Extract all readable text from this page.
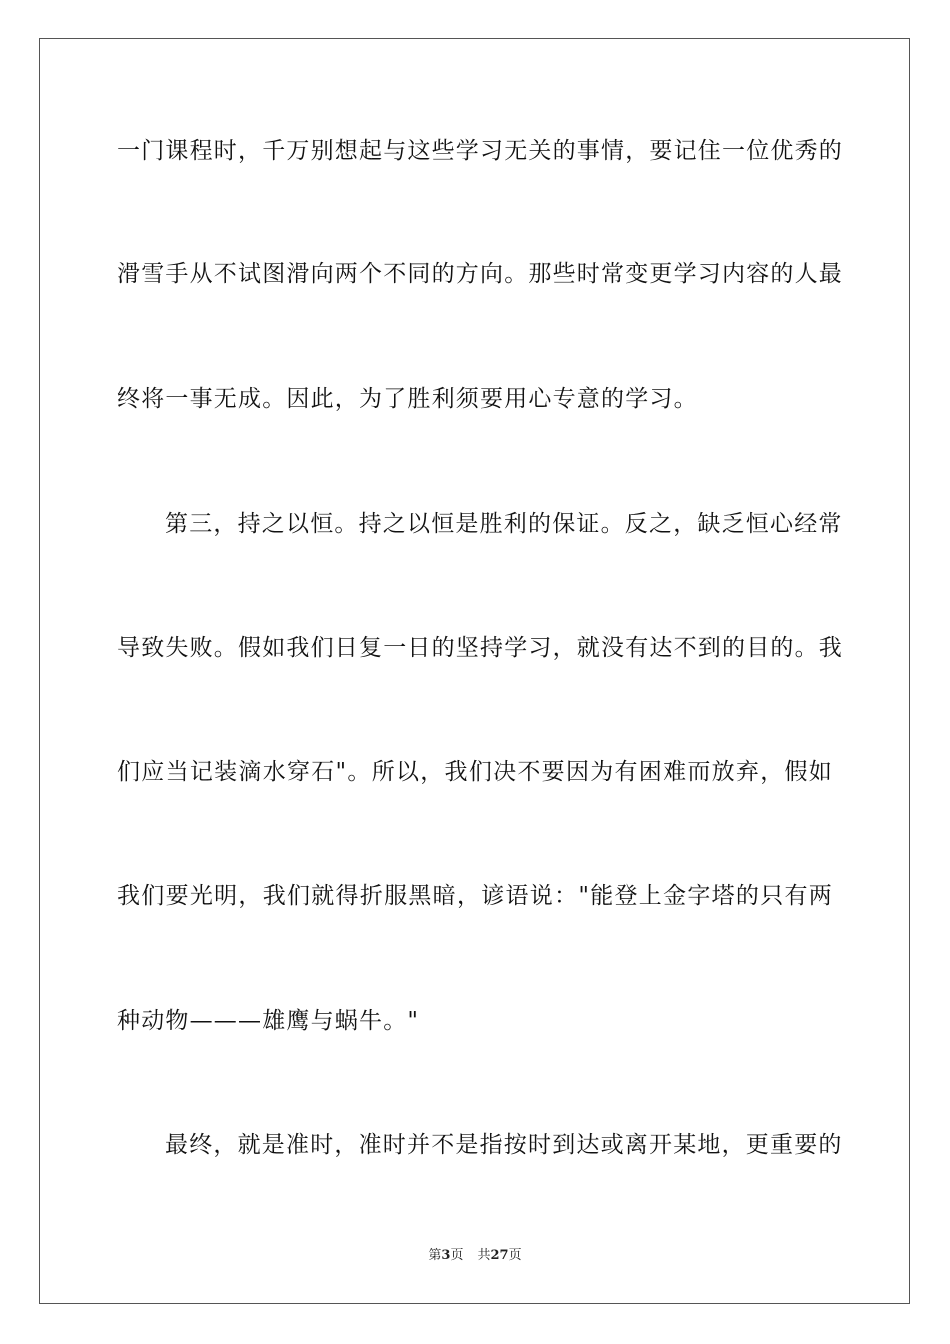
一门课程时，千万别想起与这些学习无关的事情，要记住一位优秀的
滑雪手从不试图滑向两个不同的方向。那些时常变更学习内容的人最
终将一事无成。因此，为了胜利须要用心专意的学习。
第三，持之以恒。持之以恒是胜利的保证。反之，缺乏恒心经常
导致失败。假如我们日复一日的坚持学习，就没有达不到的目的。我
们应当记装滴水穿石"。所以，我们决不要因为有困难而放弃，假如
我们要光明，我们就得折服黑暗，谚语说："能登上金字塔的只有两
种动物———雄鹰与蜗牛。"
最终，就是准时，准时并不是指按时到达或离开某地，更重要的
第3页 共27页
